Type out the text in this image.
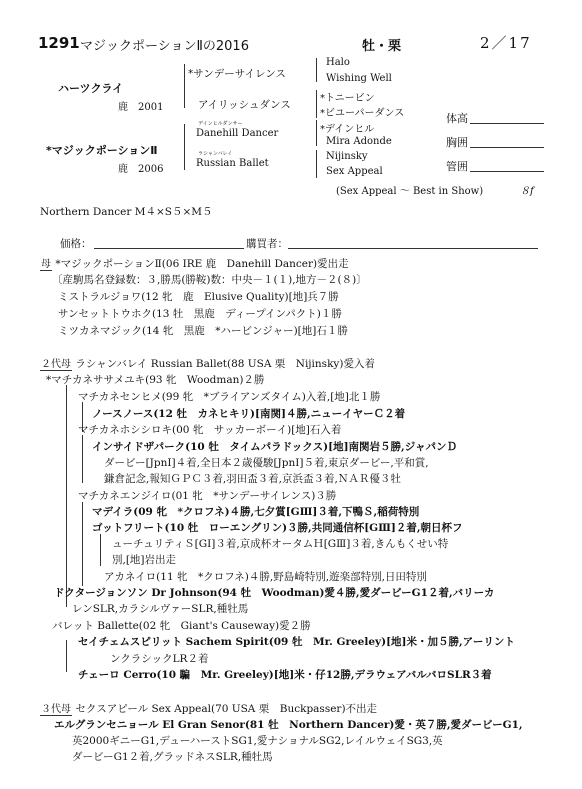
1291 マジックポーションⅡの2016	牡・栗	2／17
ハーツクライ
鹿　2001
*マジックポーションⅡ
鹿　2006
*サンデーサイレンス
アイリッシュダンス
デインヒルダンサー
Danehill Dancer
ラシャンバレイ
Russian Ballet
Halo
Wishing Well
*トニービン
*ビユーパーダンス
*デインヒル
Mira Adonde
Nijinsky
Sex Appeal
(Sex Appeal ～ Best in Show)	８f
体高
胸囲
管囲
Northern Dancer M４×S５×M５
価格：	購買者：
母 *マジックポーションⅡ(06 IRE 鹿　Danehill Dancer)愛出走
〔産駒馬名登録数：３,勝馬(勝鞍)数：中央－１(１),地方－２(８)〕
ミストラルジョワ(12 牝　鹿　Elusive Quality)[地]兵７勝
サンセットトウホク(13 牡　黒鹿　ディープインパクト)１勝
ミツカネマジック(14 牝　黒鹿　*ハービンジャー)[地]石１勝
２代母 ラシャンバレイ Russian Ballet(88 USA 栗　Nijinsky)愛入着
*マチカネササメユキ(93 牝　Woodman)２勝
マチカネセンヒメ(99 牝　*ブライアンズタイム)入着,[地]北１勝
ノースノース(12 牡　カネヒキリ)[南関]４勝,ニューイヤーＣ２着
マチカネホシシロキ(00 牝　サッカーボーイ)[地]石入着
インサイドザパーク(10 牡　タイムパラドックス)[地]南関岩５勝,ジャパンＤ
ダービー[JpnⅠ]４着,全日本２歳優駿[JpnⅠ]５着,東京ダービー,平和賞,
鎌倉記念,報知ＧＰＣ３着,羽田盃３着,京浜盃３着,ＮＡＲ優３牡
マチカネエンジイロ(01 牝　*サンデーサイレンス)３勝
マデイラ(09 牝　*クロフネ)４勝,七夕賞[GⅢ]３着,下鴨Ｓ,稲荷特別
ゴットフリート(10 牡　ローエングリン)３勝,共同通信杯[GⅢ]２着,朝日杯フ
ューチュリティＳ[GⅠ]３着,京成杯オータムＨ[GⅢ]３着,きんもくせい特
別,[地]岩出走
アカネイロ(11 牝　*クロフネ)４勝,野島崎特別,遊楽部特別,日田特別
ドクタージョンソン Dr Johnson(94 牡　Woodman)愛４勝,愛ダービーG1２着,バリーカ
レンSLR,カラシルヴァーSLR,種牡馬
バレット Ballette(02 牝　Giant's Causeway)愛２勝
セイチェムスピリット Sachem Spirit(09 牡　Mr. Greeley)[地]米・加５勝,アーリント
ンクラシックLR２着
チェーロ Cerro(10 騙　Mr. Greeley)[地]米・仔12勝,デラウェアバルバロSLR３着
３代母 セクスアピール Sex Appeal(70 USA 栗　Buckpasser)不出走
エルグランセニョール El Gran Senor(81 牡　Northern Dancer)愛・英７勝,愛ダービーG1,
英2000ギニーG1,デューハーストSG1,愛ナショナルSG2,レイルウェイSG3,英
ダービーG1２着,グラッドネスSLR,種牡馬
